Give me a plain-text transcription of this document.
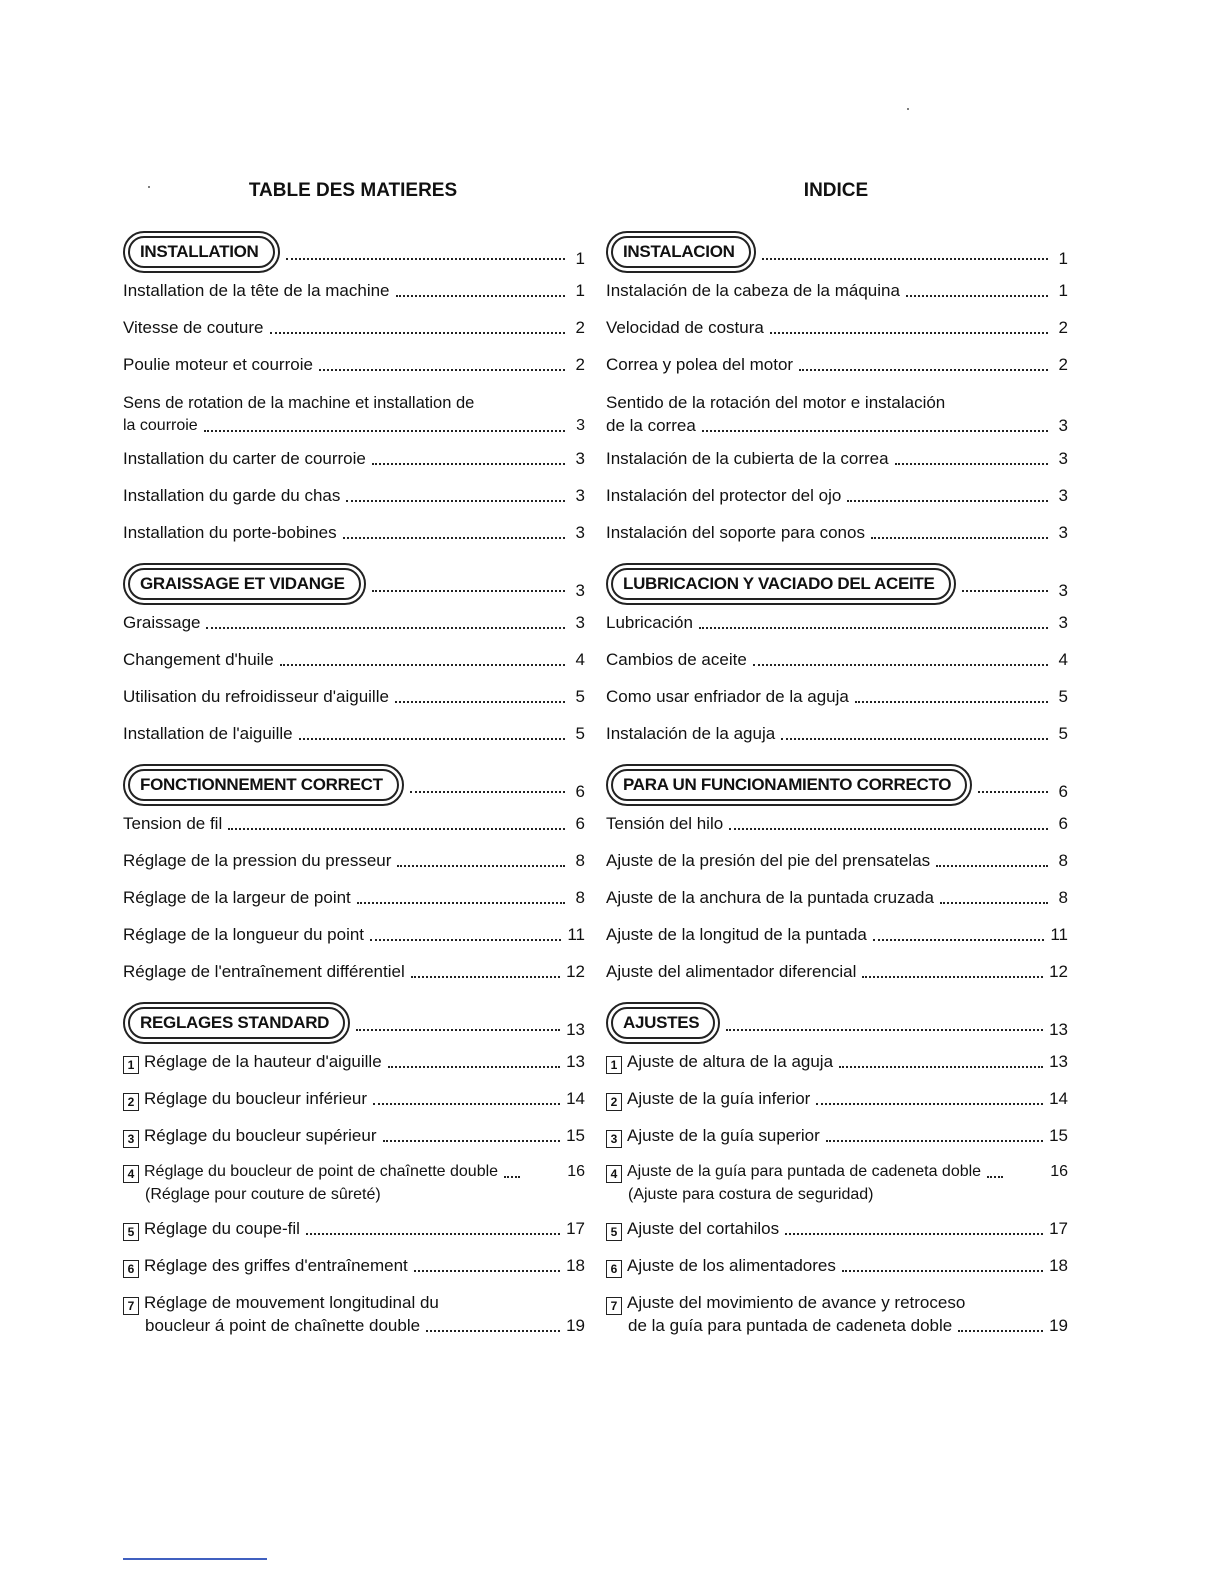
TABLE DES MATIERES
INSTALLATION	1
Installation de la tête de la machine	1
Vitesse de couture	2
Poulie moteur et courroie	2
Sens de rotation de la machine et installation de
la courroie	3
Installation du carter de courroie	3
Installation du garde du chas	3
Installation du porte-bobines	3
GRAISSAGE ET VIDANGE	3
Graissage	3
Changement d'huile	4
Utilisation du refroidisseur d'aiguille	5
Installation de l'aiguille	5
FONCTIONNEMENT CORRECT	6
Tension de fil	6
Réglage de la pression du presseur	8
Réglage de la largeur de point	8
Réglage de la longueur du point	11
Réglage de l'entraînement différentiel	12
REGLAGES STANDARD	13
1 Réglage de la hauteur d'aiguille	13
2 Réglage du boucleur inférieur	14
3 Réglage du boucleur supérieur	15
4 Réglage du boucleur de point de chaînette double	16
(Réglage pour couture de sûreté)
5 Réglage du coupe-fil	17
6 Réglage des griffes d'entraînement	18
7 Réglage de mouvement longitudinal du
boucleur á point de chaînette double	19
INDICE
INSTALACION	1
Instalación de la cabeza de la máquina	1
Velocidad de costura	2
Correa y polea del motor	2
Sentido de la rotación del motor e instalación
de la correa	3
Instalación de la cubierta de la correa	3
Instalación del protector del ojo	3
Instalación del soporte para conos	3
LUBRICACION Y VACIADO DEL ACEITE	3
Lubricación	3
Cambios de aceite	4
Como usar enfriador de la aguja	5
Instalación de la aguja	5
PARA UN FUNCIONAMIENTO CORRECTO	6
Tensión del hilo	6
Ajuste de la presión del pie del prensatelas	8
Ajuste de la anchura de la puntada cruzada	8
Ajuste de la longitud de la puntada	11
Ajuste del alimentador diferencial	12
AJUSTES	13
1 Ajuste de altura de la aguja	13
2 Ajuste de la guía inferior	14
3 Ajuste de la guía superior	15
4 Ajuste de la guía para puntada de cadeneta doble	16
(Ajuste para costura de seguridad)
5 Ajuste del cortahilos	17
6 Ajuste de los alimentadores	18
7 Ajuste del movimiento de avance y retroceso
de la guía para puntada de cadeneta doble	19
